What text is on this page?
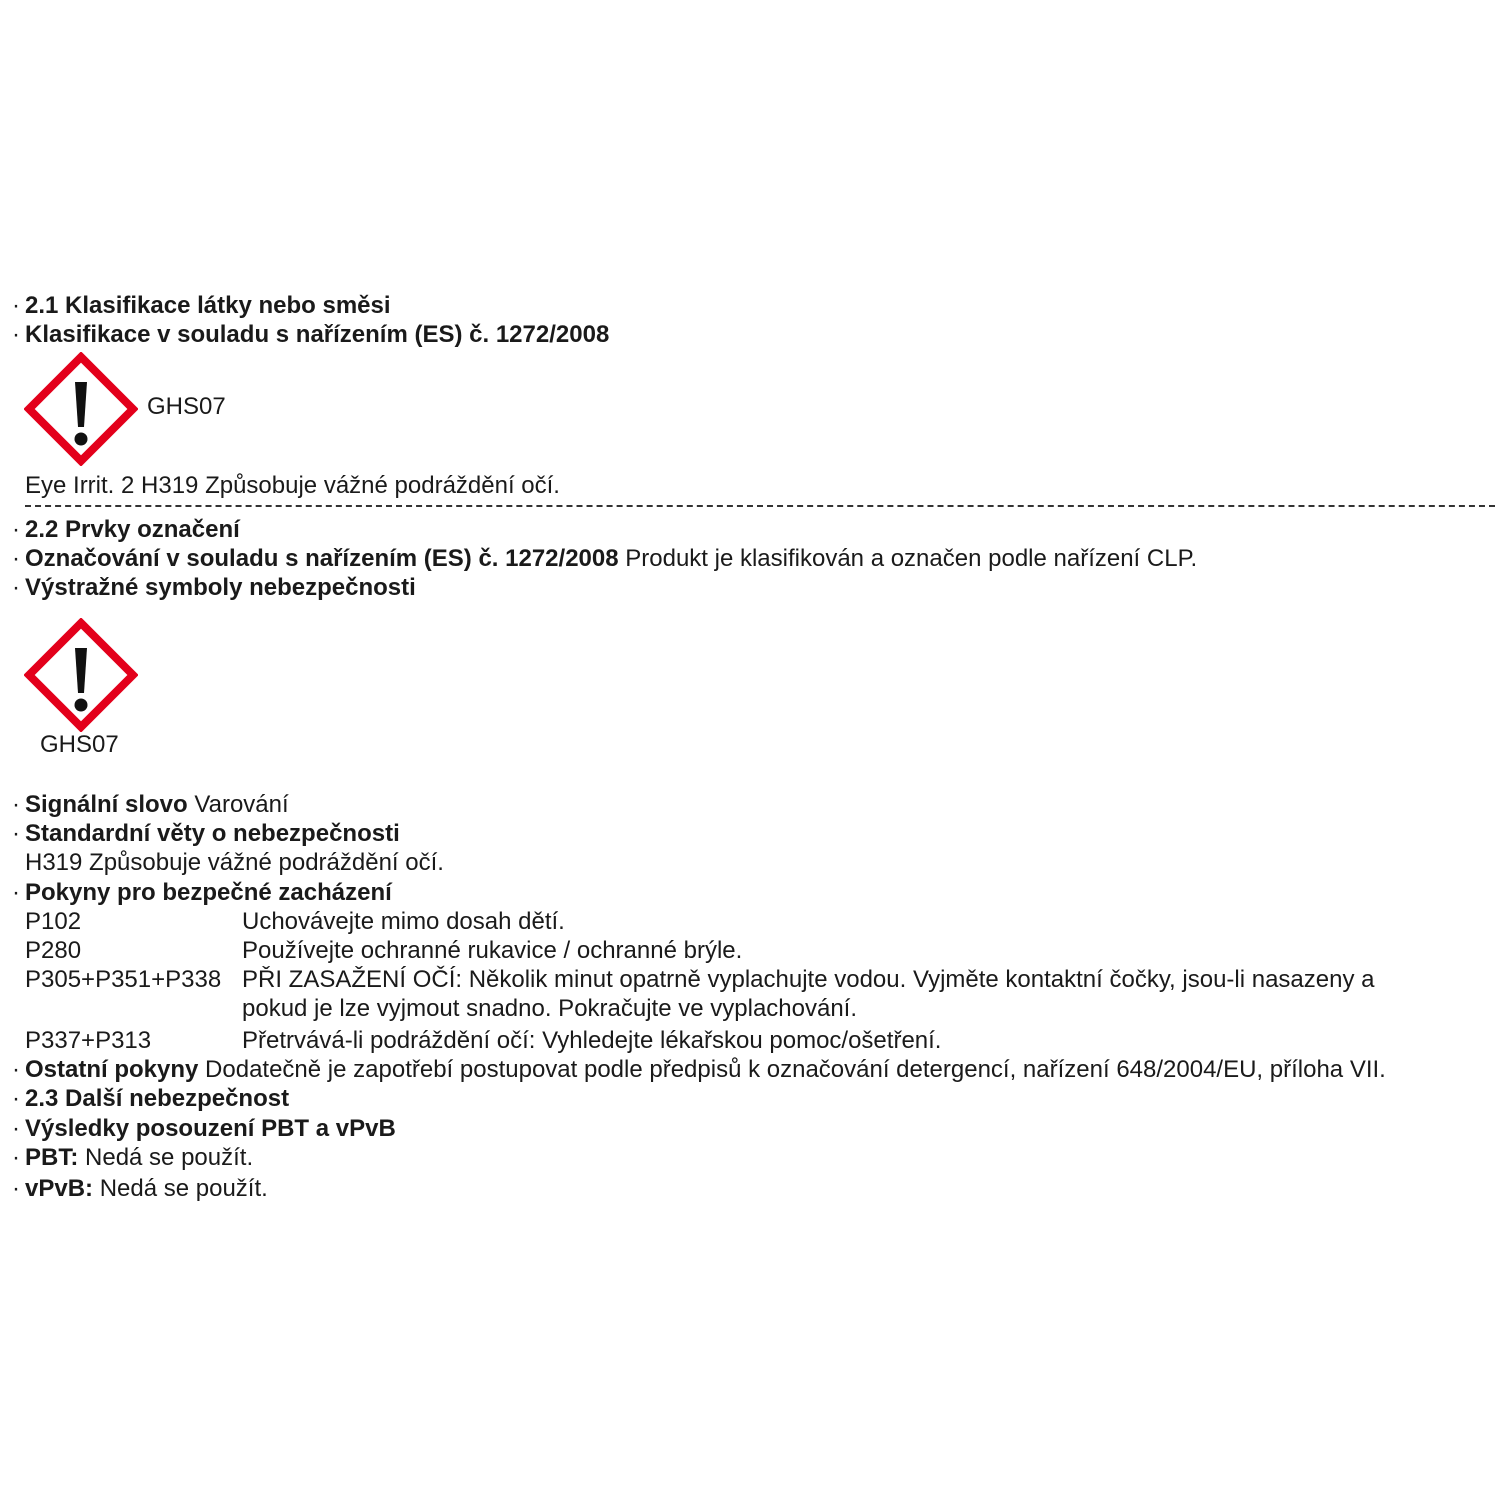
· 2.1 Klasifikace látky nebo směsi
· Klasifikace v souladu s nařízením (ES) č. 1272/2008
GHS07
Eye Irrit. 2 H319 Způsobuje vážné podráždění očí.
· 2.2 Prvky označení
· Označování v souladu s nařízením (ES) č. 1272/2008 Produkt je klasifikován a označen podle nařízení CLP.
· Výstražné symboly nebezpečnosti
GHS07
· Signální slovo Varování
· Standardní věty o nebezpečnosti
H319 Způsobuje vážné podráždění očí.
· Pokyny pro bezpečné zacházení
P102	Uchovávejte mimo dosah dětí.
P280	Používejte ochranné rukavice / ochranné brýle.
P305+P351+P338 PŘI ZASAŽENÍ OČÍ: Několik minut opatrně vyplachujte vodou. Vyjměte kontaktní čočky, jsou-li nasazeny a
pokud je lze vyjmout snadno. Pokračujte ve vyplachování.
P337+P313	Přetrvává-li podráždění očí: Vyhledejte lékařskou pomoc/ošetření.
· Ostatní pokyny Dodatečně je zapotřebí postupovat podle předpisů k označování detergencí, nařízení 648/2004/EU, příloha VII.
· 2.3 Další nebezpečnost
· Výsledky posouzení PBT a vPvB
· PBT: Nedá se použít.
· vPvB: Nedá se použít.
